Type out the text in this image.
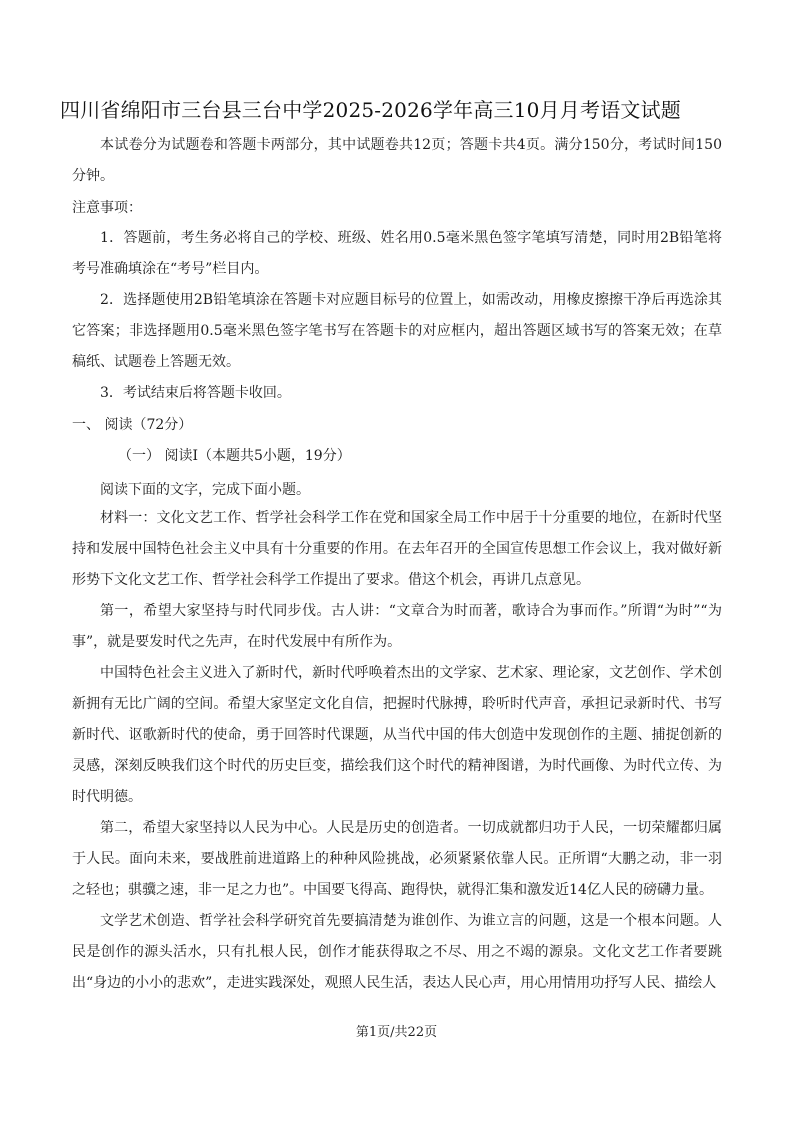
四川省绵阳市三台县三台中学2025-2026学年高三10月月考语文试题
本试卷分为试题卷和答题卡两部分，其中试题卷共12页；答题卡共4页。满分150分，考试时间150分钟。
注意事项：
1．答题前，考生务必将自己的学校、班级、姓名用0.5毫米黑色签字笔填写清楚，同时用2B铅笔将考号准确填涂在“考号”栏目内。
2．选择题使用2B铅笔填涂在答题卡对应题目标号的位置上，如需改动，用橡皮擦擦干净后再选涂其它答案；非选择题用0.5毫米黑色签字笔书写在答题卡的对应框内，超出答题区域书写的答案无效；在草稿纸、试题卷上答题无效。
3．考试结束后将答题卡收回。
一、 阅读（72分）
（一） 阅读Ⅰ（本题共5小题，19分）
阅读下面的文字，完成下面小题。
材料一：文化文艺工作、哲学社会科学工作在党和国家全局工作中居于十分重要的地位，在新时代坚持和发展中国特色社会主义中具有十分重要的作用。在去年召开的全国宣传思想工作会议上，我对做好新形势下文化文艺工作、哲学社会科学工作提出了要求。借这个机会，再讲几点意见。
第一，希望大家坚持与时代同步伐。古人讲：“文章合为时而著，歌诗合为事而作。”所谓“为时”“为事”，就是要发时代之先声，在时代发展中有所作为。
中国特色社会主义进入了新时代，新时代呼唤着杰出的文学家、艺术家、理论家，文艺创作、学术创新拥有无比广阔的空间。希望大家坚定文化自信，把握时代脉搏，聆听时代声音，承担记录新时代、书写新时代、讴歌新时代的使命，勇于回答时代课题，从当代中国的伟大创造中发现创作的主题、捕捉创新的灵感，深刻反映我们这个时代的历史巨变，描绘我们这个时代的精神图谱，为时代画像、为时代立传、为时代明德。
第二，希望大家坚持以人民为中心。人民是历史的创造者。一切成就都归功于人民，一切荣耀都归属于人民。面向未来，要战胜前进道路上的种种风险挑战，必须紧紧依靠人民。正所谓“大鹏之动，非一羽之轻也；骐骥之速，非一足之力也”。中国要飞得高、跑得快，就得汇集和激发近14亿人民的磅礴力量。
文学艺术创造、哲学社会科学研究首先要搞清楚为谁创作、为谁立言的问题，这是一个根本问题。人民是创作的源头活水，只有扎根人民，创作才能获得取之不尽、用之不竭的源泉。文化文艺工作者要跳出“身边的小小的悲欢”，走进实践深处，观照人民生活，表达人民心声，用心用情用功抒写人民、描绘人
第1页/共22页
